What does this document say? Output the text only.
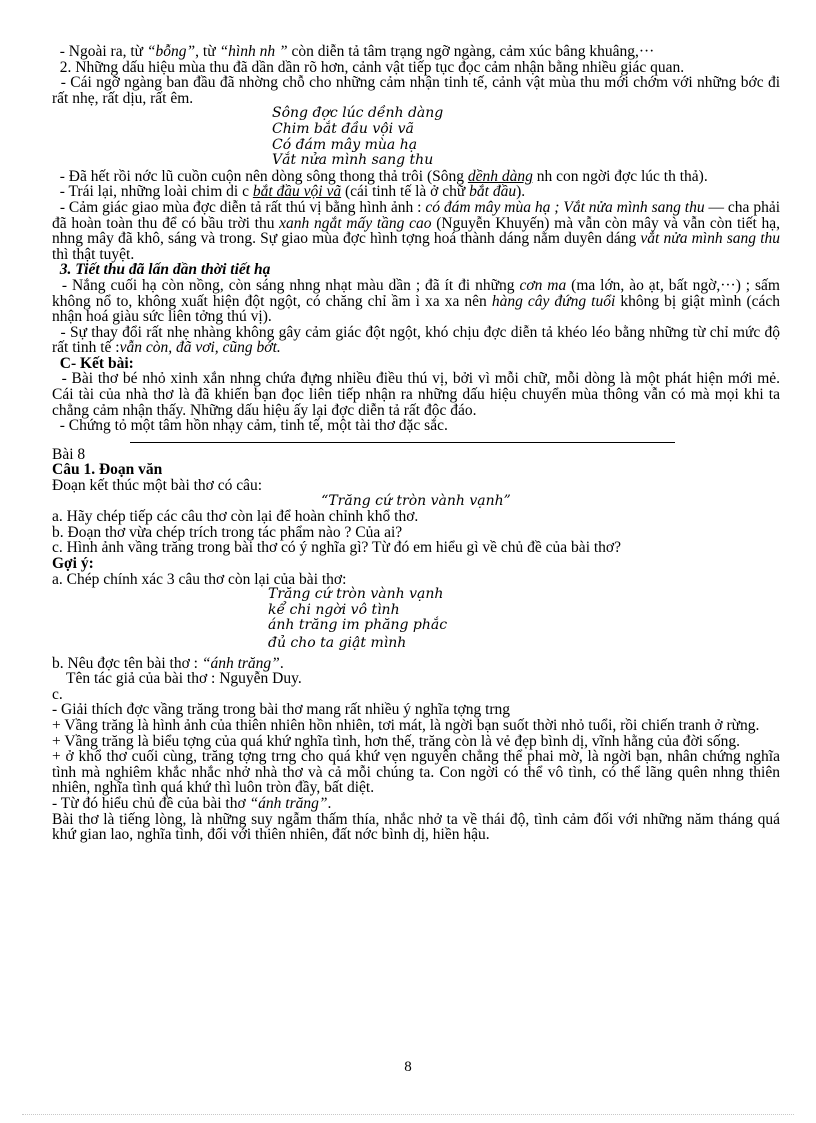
- Ngoài ra, từ “bỗng”, từ “hình nh ” còn diễn tả tâm trạng ngỡ ngàng, cảm xúc bâng khuâng,···

2. Những dấu hiệu mùa thu đã dần dần rõ hơn, cảnh vật tiếp tục đọc cảm nhận bằng nhiều giác quan.

- Cái ngỡ ngàng ban đầu đã nhờng chỗ cho những cảm nhận tinh tế, cảnh vật mùa thu mới chớm với những bớc đi rất nhẹ, rất dịu, rất êm.

Sông đợc lúc dềnh dàng
Chim bắt đầu vội vã
Có đám mây mùa hạ
Vắt nửa mình sang thu

- Đã hết rồi nớc lũ cuồn cuộn nên dòng sông thong thả trôi (Sông dềnh dàng nh con ngời đợc lúc th thả).

- Trái lại, những loài chim di c bắt đầu vội vã (cái tinh tế là ở chữ bắt đầu).

- Cảm giác giao mùa đợc diễn tả rất thú vị bằng hình ảnh : có đám mây mùa hạ ; Vắt nửa mình sang thu — cha phải đã hoàn toàn thu để có bầu trời thu xanh ngắt mấy tầng cao (Nguyễn Khuyến) mà vẫn còn mây và vẫn còn tiết hạ, nhng mây đã khô, sáng và trong. Sự giao mùa đợc hình tợng hoá thành dáng nằm duyên dáng vắt nửa mình sang thu thì thật tuyệt.

3. Tiết thu đã lấn dần thời tiết hạ

- Nắng cuối hạ còn nồng, còn sáng nhng nhạt màu dần ; đã ít đi những cơn ma (ma lớn, ào ạt, bất ngờ,···) ; sấm không nổ to, không xuất hiện đột ngột, có chăng chỉ ầm ì xa xa nên hàng cây đứng tuổi không bị giật mình (cách nhận hoá giàu sức liên tởng thú vị).

- Sự thay đổi rất nhẹ nhàng không gây cảm giác đột ngột, khó chịu đợc diễn tả khéo léo bằng những từ chỉ mức độ rất tinh tế :vẫn còn, đã vơi, cũng bớt.

C- Kết bài:

- Bài thơ bé nhỏ xinh xắn nhng chứa đựng nhiều điều thú vị, bởi vì mỗi chữ, mỗi dòng là một phát hiện mới mẻ. Cái tài của nhà thơ là đã khiến bạn đọc liên tiếp nhận ra những dấu hiệu chuyển mùa thông vẫn có mà mọi khi ta chẳng cảm nhận thấy. Những dấu hiệu ấy lại đợc diễn tả rất độc đáo.

- Chứng tỏ một tâm hồn nhạy cảm, tinh tế, một tài thơ đặc sắc.

Bài 8

Câu 1. Đoạn văn

Đoạn kết thúc một bài thơ có câu:

“Trăng cứ tròn vành vạnh”

a. Hãy chép tiếp các câu thơ còn lại để hoàn chỉnh khổ thơ.

b. Đoạn thơ vừa chép trích trong tác phẩm nào ? Của ai?

c. Hình ảnh vầng trăng trong bài thơ có ý nghĩa gì? Từ đó em hiểu gì về chủ đề của bài thơ?

Gợi ý:

a. Chép chính xác 3 câu thơ còn lại của bài thơ:

Trăng cứ tròn vành vạnh
kể chi ngời vô tình
ánh trăng im phăng phắc
đủ cho ta giật mình

b. Nêu đợc tên bài thơ : “ánh trăng”.

Tên tác giả của bài thơ : Nguyễn Duy.

c.

- Giải thích đợc vầng trăng trong bài thơ mang rất nhiều ý nghĩa tợng trng

+ Vầng trăng là hình ảnh của thiên nhiên hồn nhiên, tơi mát, là ngời bạn suốt thời nhỏ tuổi, rồi chiến tranh ở rừng.

+ Vầng trăng là biểu tợng của quá khứ nghĩa tình, hơn thế, trăng còn là vẻ đẹp bình dị, vĩnh hằng của đời sống.

+ ở khổ thơ cuối cùng, trăng tợng trng cho quá khứ vẹn nguyên chẳng thể phai mờ, là ngời bạn, nhân chứng nghĩa tình mà nghiêm khắc nhắc nhở nhà thơ và cả mỗi chúng ta. Con ngời có thể vô tình, có thể lãng quên nhng thiên nhiên, nghĩa tình quá khứ thì luôn tròn đầy, bất diệt.

- Từ đó hiểu chủ đề của bài thơ “ánh trăng”.

Bài thơ là tiếng lòng, là những suy ngẫm thấm thía, nhắc nhở ta về thái độ, tình cảm đối với những năm tháng quá khứ gian lao, nghĩa tình, đối với thiên nhiên, đất nớc bình dị, hiền hậu.

8
